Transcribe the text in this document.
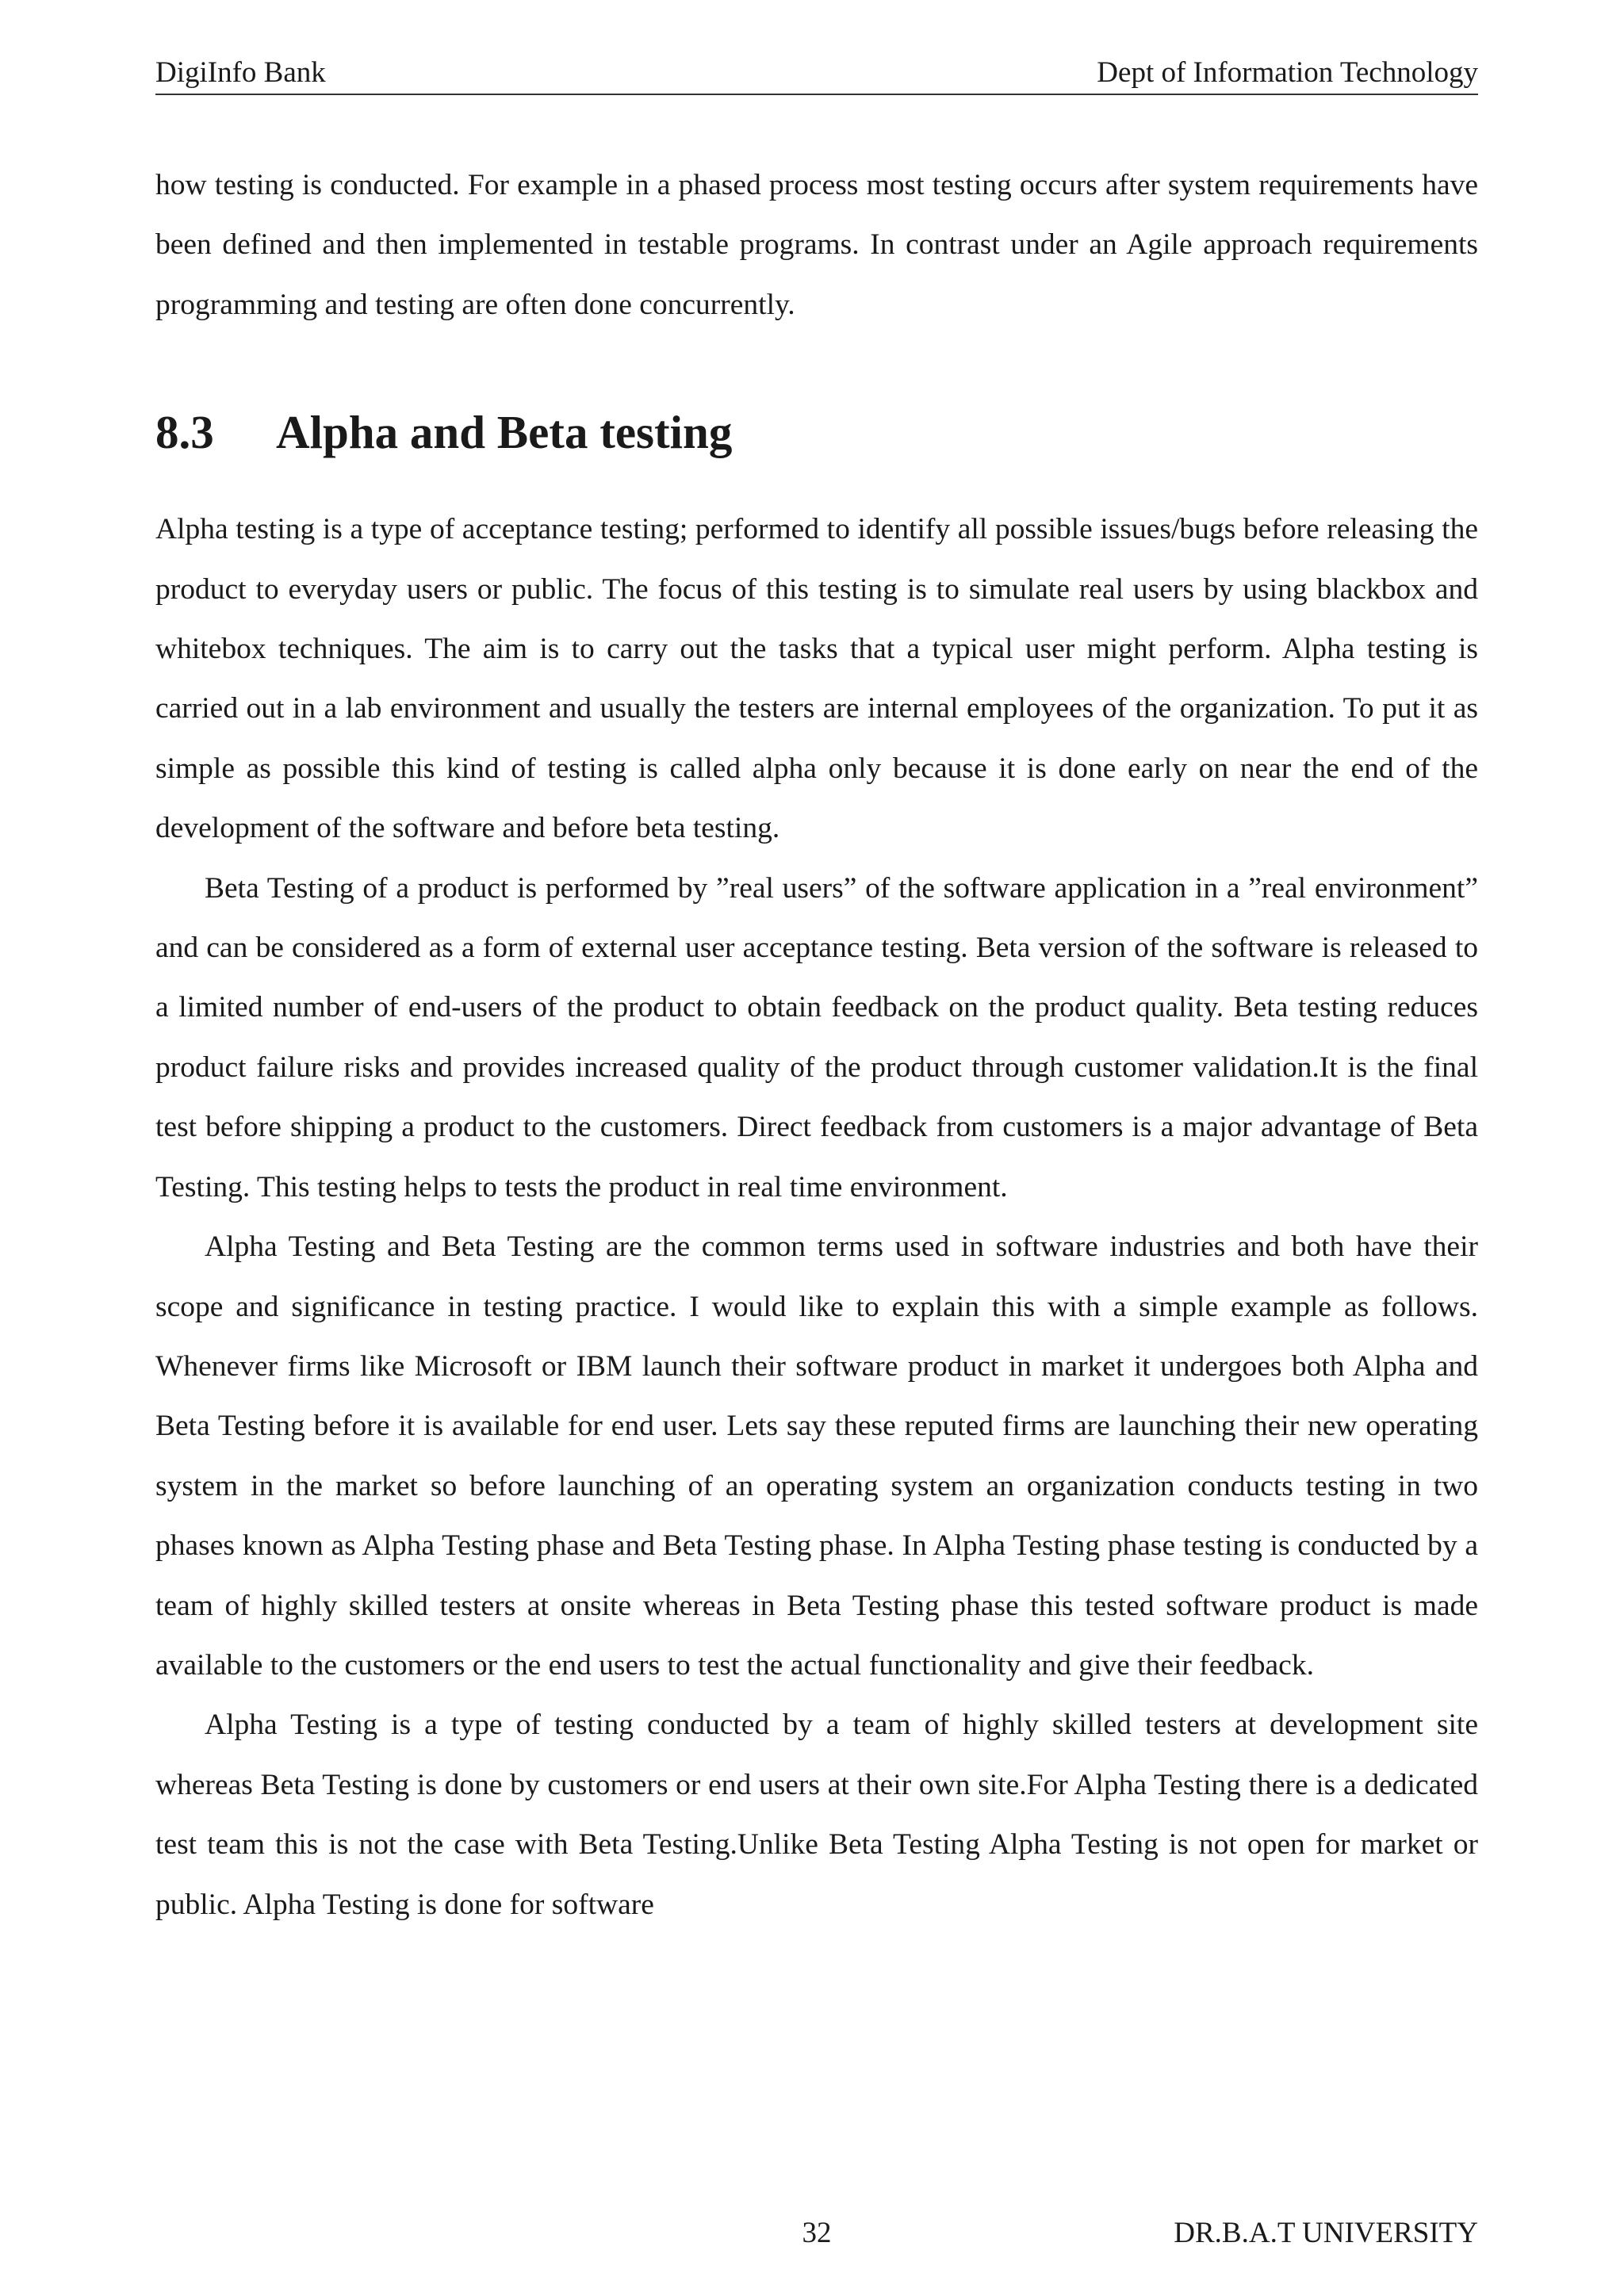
DigiInfo Bank	Dept of Information Technology

how testing is conducted. For example in a phased process most testing occurs after system requirements have been defined and then implemented in testable programs. In contrast under an Agile approach requirements programming and testing are often done concurrently.

8.3 Alpha and Beta testing

Alpha testing is a type of acceptance testing; performed to identify all possible issues/bugs before releasing the product to everyday users or public. The focus of this testing is to simulate real users by using blackbox and whitebox techniques. The aim is to carry out the tasks that a typical user might perform. Alpha testing is carried out in a lab environment and usually the testers are internal employees of the organization. To put it as simple as possible this kind of testing is called alpha only because it is done early on near the end of the development of the software and before beta testing.

Beta Testing of a product is performed by ”real users” of the software application in a ”real environment” and can be considered as a form of external user acceptance testing. Beta version of the software is released to a limited number of end-users of the product to obtain feedback on the product quality. Beta testing reduces product failure risks and provides increased quality of the product through customer validation.It is the final test before shipping a product to the customers. Direct feedback from customers is a major advantage of Beta Testing. This testing helps to tests the product in real time environment.

Alpha Testing and Beta Testing are the common terms used in software industries and both have their scope and significance in testing practice. I would like to explain this with a simple example as follows. Whenever firms like Microsoft or IBM launch their software product in market it undergoes both Alpha and Beta Testing before it is available for end user. Lets say these reputed firms are launching their new operating system in the market so before launching of an operating system an organization conducts testing in two phases known as Alpha Testing phase and Beta Testing phase. In Alpha Testing phase testing is conducted by a team of highly skilled testers at onsite whereas in Beta Testing phase this tested software product is made available to the customers or the end users to test the actual functionality and give their feedback.

Alpha Testing is a type of testing conducted by a team of highly skilled testers at development site whereas Beta Testing is done by customers or end users at their own site.For Alpha Testing there is a dedicated test team this is not the case with Beta Testing.Unlike Beta Testing Alpha Testing is not open for market or public. Alpha Testing is done for software

32	DR.B.A.T UNIVERSITY
